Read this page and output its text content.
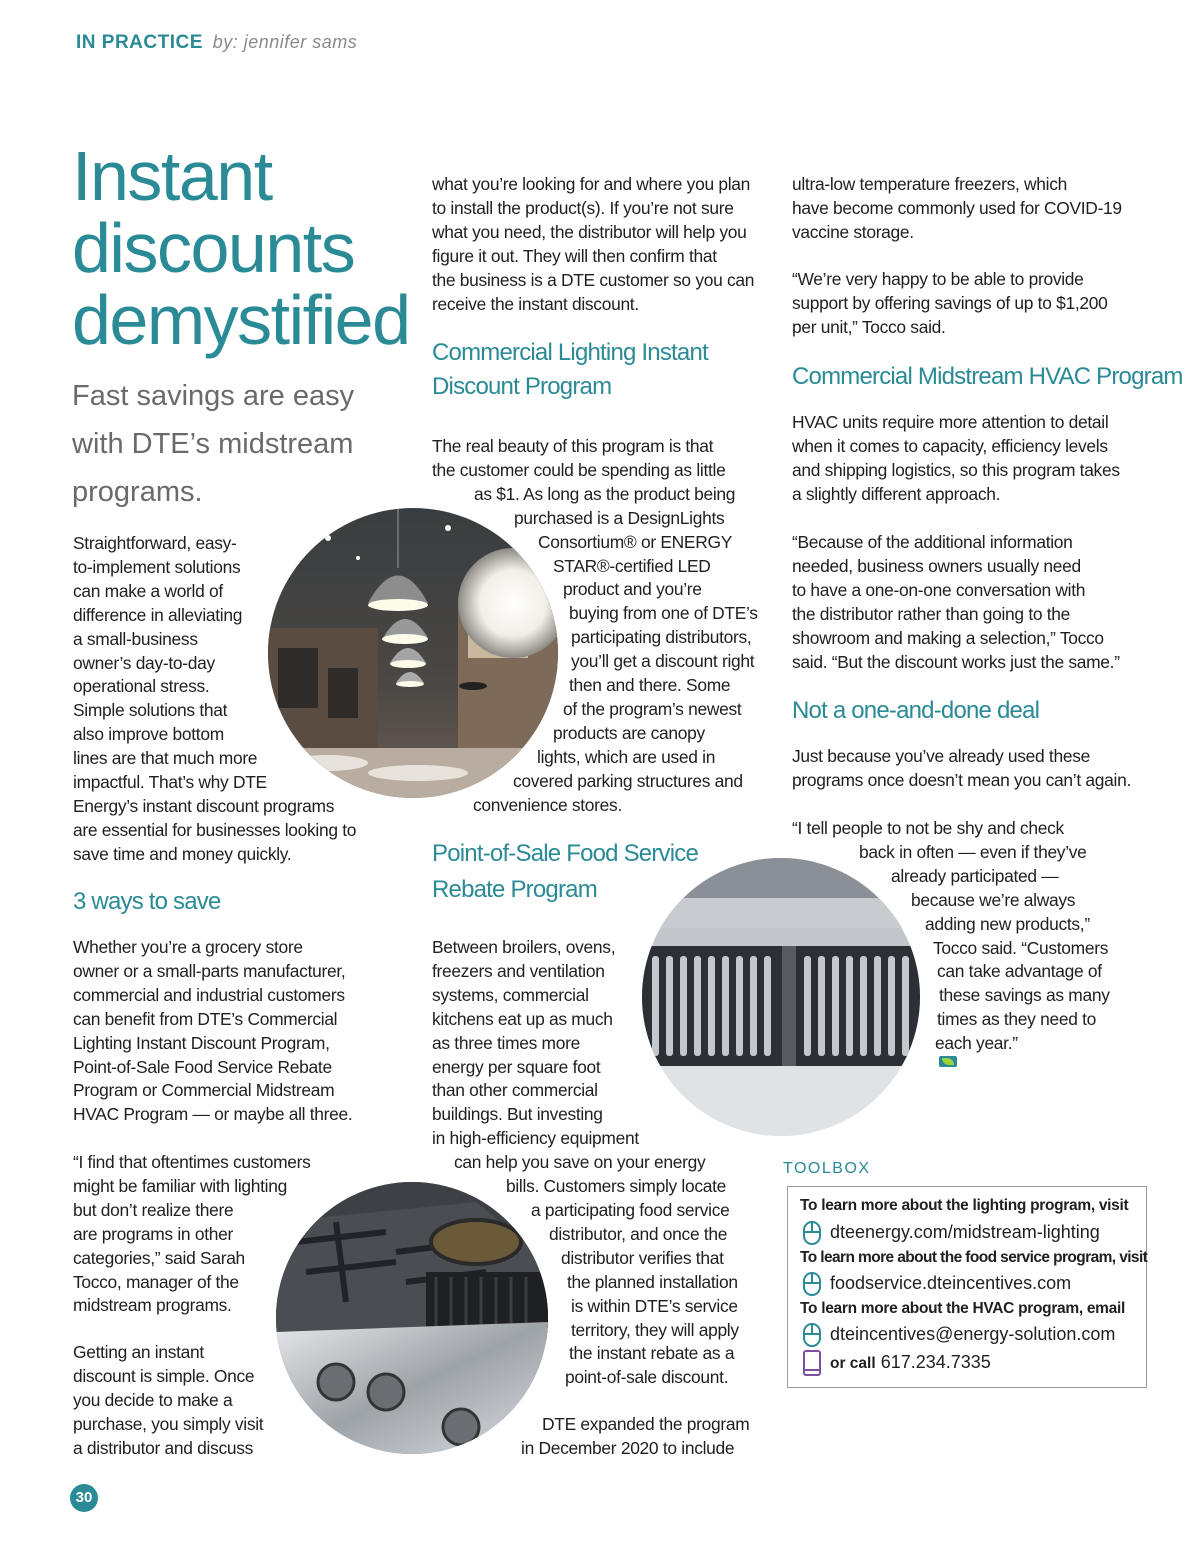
IN PRACTICE by: jennifer sams
Instant
discounts
demystified
Fast savings are easy
with DTE’s midstream
programs.
Straightforward, easy-
to-implement solutions
can make a world of
difference in alleviating
a small-business
owner’s day-to-day
operational stress.
Simple solutions that
also improve bottom
lines are that much more
impactful. That’s why DTE
Energy’s instant discount programs
are essential for businesses looking to
save time and money quickly.
3 ways to save
Whether you’re a grocery store
owner or a small-parts manufacturer,
commercial and industrial customers
can benefit from DTE’s Commercial
Lighting Instant Discount Program,
Point-of-Sale Food Service Rebate
Program or Commercial Midstream
HVAC Program — or maybe all three.
“I find that oftentimes customers
might be familiar with lighting
but don’t realize there
are programs in other
categories,” said Sarah
Tocco, manager of the
midstream programs.
Getting an instant
discount is simple. Once
you decide to make a
purchase, you simply visit
a distributor and discuss
what you’re looking for and where you plan
to install the product(s). If you’re not sure
what you need, the distributor will help you
figure it out. They will then confirm that
the business is a DTE customer so you can
receive the instant discount.
Commercial Lighting Instant
Discount Program
The real beauty of this program is that
the customer could be spending as little
as $1. As long as the product being
purchased is a DesignLights
Consortium® or ENERGY
STAR®-certified LED
product and you’re
buying from one of DTE’s
participating distributors,
you’ll get a discount right
then and there. Some
of the program’s newest
products are canopy
lights, which are used in
covered parking structures and
convenience stores.
Point-of-Sale Food Service
Rebate Program
Between broilers, ovens,
freezers and ventilation
systems, commercial
kitchens eat up as much
as three times more
energy per square foot
than other commercial
buildings. But investing
in high-efficiency equipment
can help you save on your energy
bills. Customers simply locate
a participating food service
distributor, and once the
distributor verifies that
the planned installation
is within DTE’s service
territory, they will apply
the instant rebate as a
point-of-sale discount.
DTE expanded the program
in December 2020 to include
ultra-low temperature freezers, which
have become commonly used for COVID-19
vaccine storage.
“We’re very happy to be able to provide
support by offering savings of up to $1,200
per unit,” Tocco said.
Commercial Midstream HVAC Program
HVAC units require more attention to detail
when it comes to capacity, efficiency levels
and shipping logistics, so this program takes
a slightly different approach.
“Because of the additional information
needed, business owners usually need
to have a one-on-one conversation with
the distributor rather than going to the
showroom and making a selection,” Tocco
said. “But the discount works just the same.”
Not a one-and-done deal
Just because you’ve already used these
programs once doesn’t mean you can’t again.
“I tell people to not be shy and check
back in often — even if they’ve
already participated —
because we’re always
adding new products,”
Tocco said. “Customers
can take advantage of
these savings as many
times as they need to
each year.”
TOOLBOX
To learn more about the lighting program, visit
dteenergy.com/midstream-lighting
To learn more about the food service program, visit
foodservice.dteincentives.com
To learn more about the HVAC program, email
dteincentives@energy-solution.com
or call 617.234.7335
30
